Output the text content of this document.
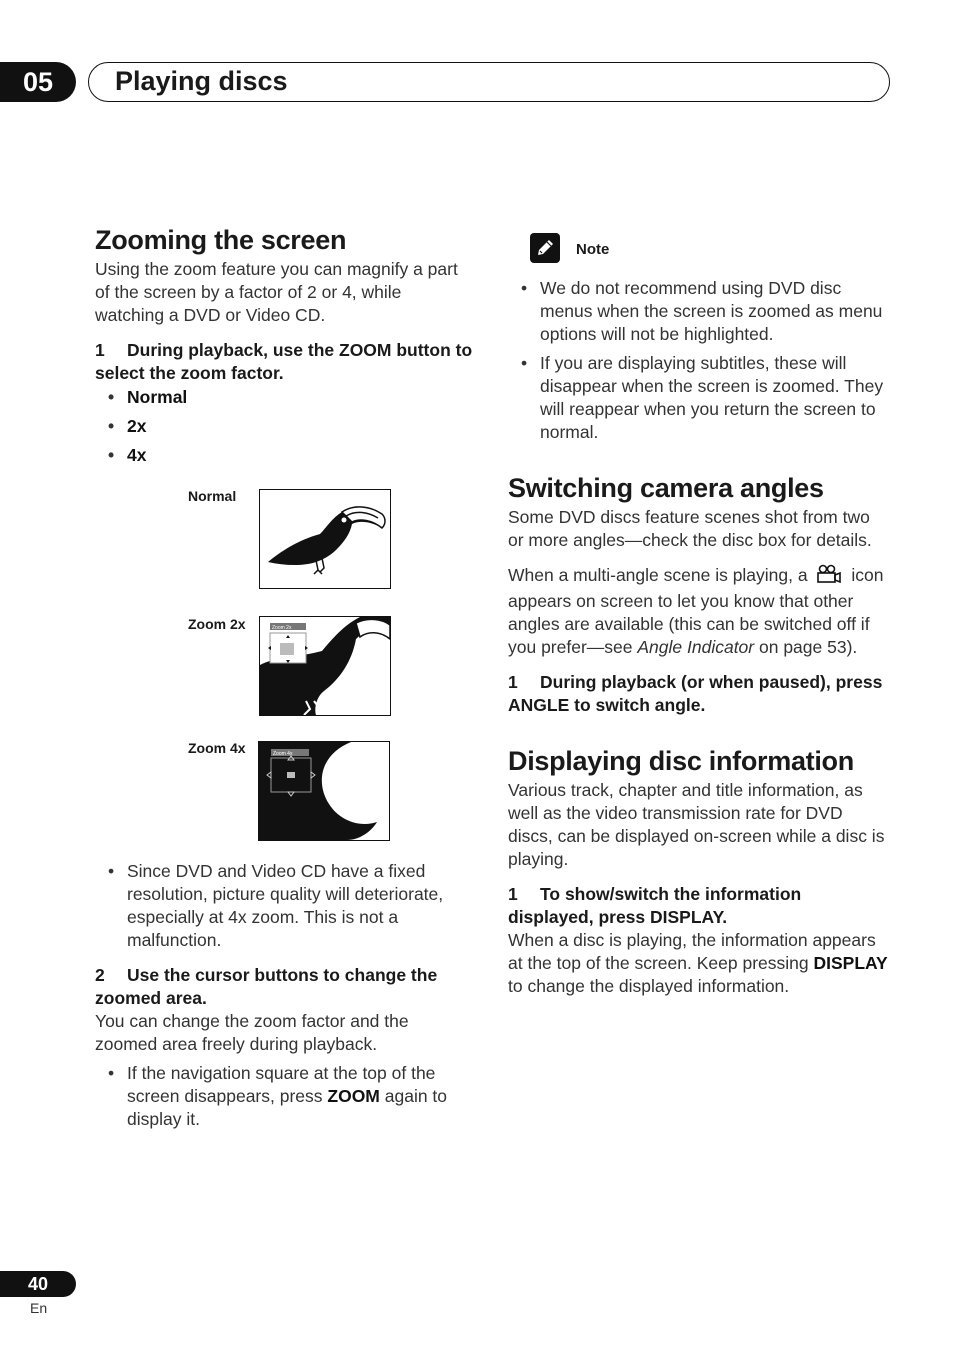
05 Playing discs
Zooming the screen

Using the zoom feature you can magnify a part of the screen by a factor of 2 or 4, while watching a DVD or Video CD.

1 During playback, use the ZOOM button to select the zoom factor.

• Normal
• 2x
• 4x
Normal
Zoom 2x	Zoom 2x
Zoom 4x	Zoom 4x
• Since DVD and Video CD have a fixed resolution, picture quality will deteriorate, especially at 4x zoom. This is not a malfunction.

2 Use the cursor buttons to change the zoomed area.

You can change the zoom factor and the zoomed area freely during playback.

• If the navigation square at the top of the screen disappears, press ZOOM again to display it.
Note
• We do not recommend using DVD disc menus when the screen is zoomed as menu options will not be highlighted.
• If you are displaying subtitles, these will disappear when the screen is zoomed. They will reappear when you return the screen to normal.
Switching camera angles

Some DVD discs feature scenes shot from two or more angles—check the disc box for details.

When a multi-angle scene is playing, a  icon appears on screen to let you know that other angles are available (this can be switched off if you prefer—see Angle Indicator on page 53).

1 During playback (or when paused), press ANGLE to switch angle.

Displaying disc information

Various track, chapter and title information, as well as the video transmission rate for DVD discs, can be displayed on-screen while a disc is playing.

1 To show/switch the information displayed, press DISPLAY.

When a disc is playing, the information appears at the top of the screen. Keep pressing DISPLAY to change the displayed information.

40
En
